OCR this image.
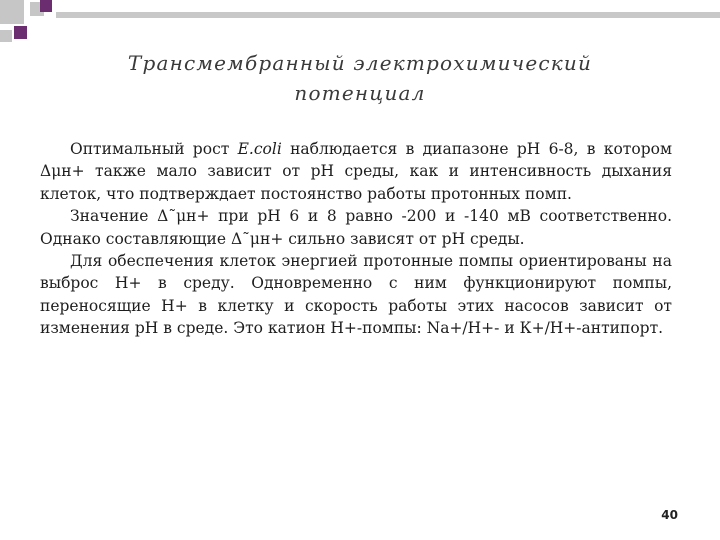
Трансмембранный электрохимический потенциал

Оптимальный рост E.coli наблюдается в диапазоне рН 6-8, в котором Δμн+ также мало зависит от рН среды, как и интенсивность дыхания клеток, что подтверждает постоянство работы протонных помп.

Значение Δ˜μн+ при рН 6 и 8 равно -200 и -140 мВ соответственно. Однако составляющие Δ˜μн+ сильно зависят от рН среды.

Для обеспечения клеток энергией протонные помпы ориентированы на выброс Н+ в среду. Одновременно с ним функционируют помпы, переносящие Н+ в клетку и скорость работы этих насосов зависит от изменения рН в среде. Это катион Н+-помпы: Na+/Н+- и К+/Н+-антипорт.

40
